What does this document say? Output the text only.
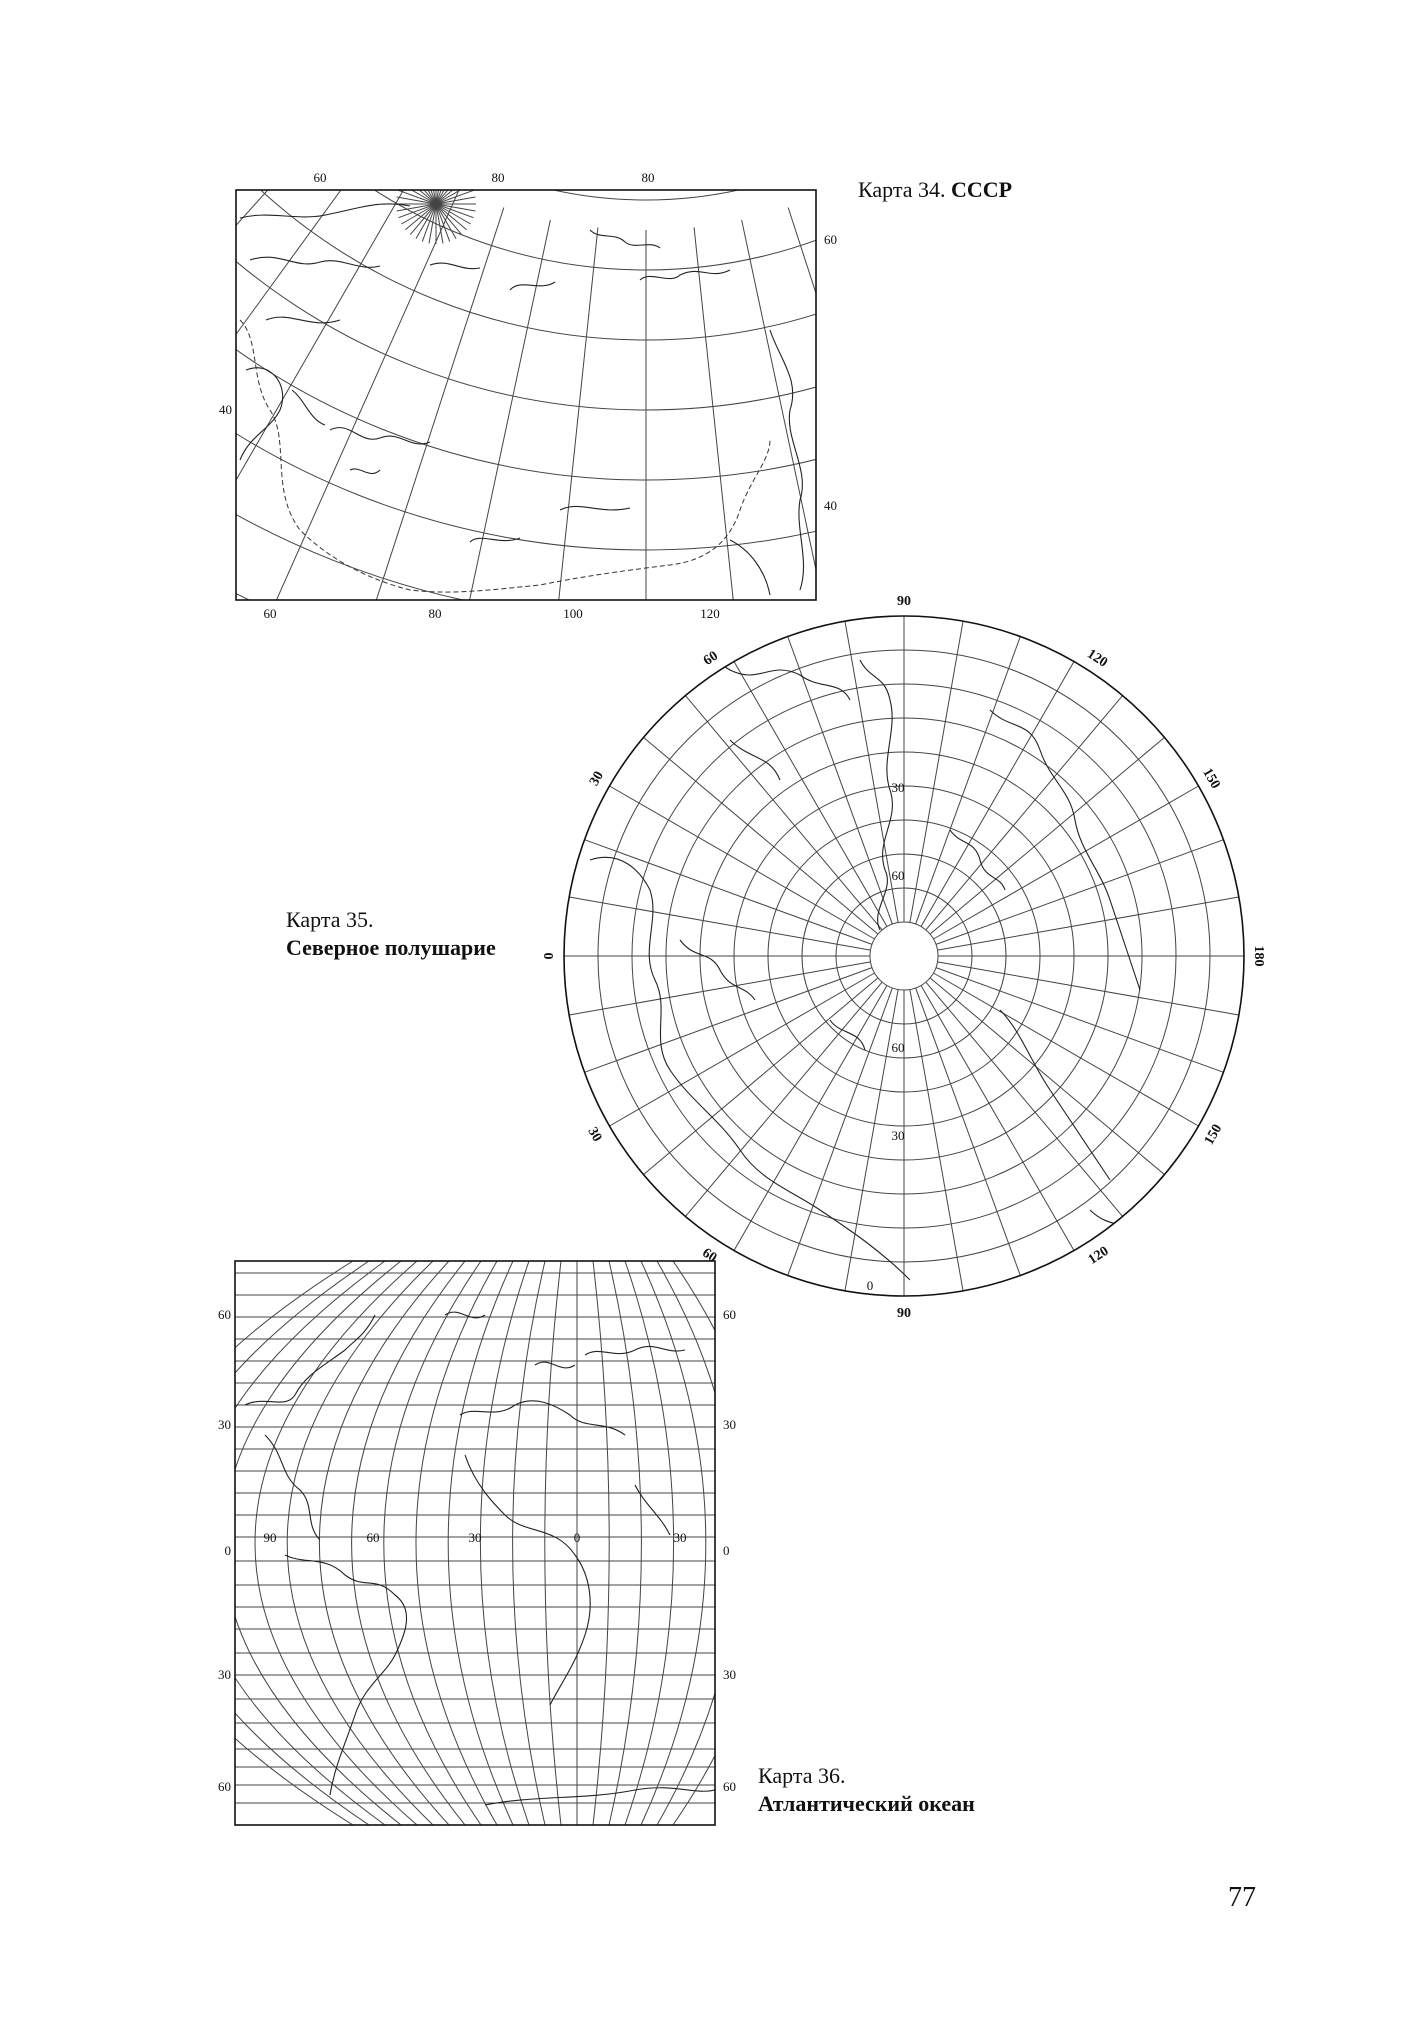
60	80	80
60	80	100	120
40
60
40
Карта 34. СССР
90
120
150
180
150
120
90
60
30
0
30
60
30
60
60
30
0
Карта 35.
Северное полушарие
60
30
0
30
60
60
30
0
30
60
90	60	30	0	30
Карта 36.
Атлантический океан
77
